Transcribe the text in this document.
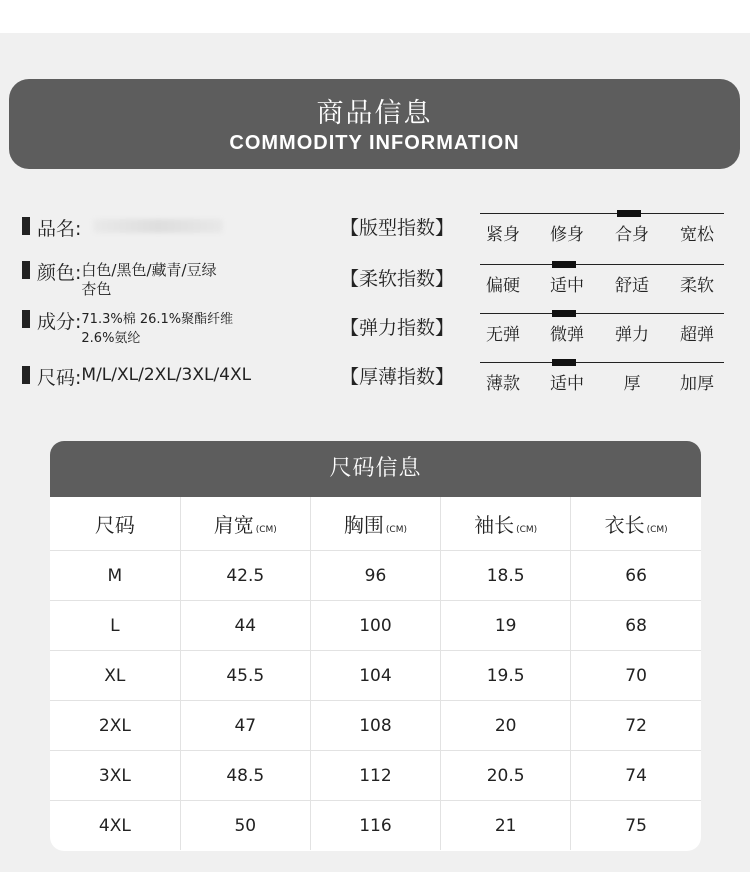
商品信息
COMMODITY INFORMATION
品名:
颜色: 白色/黑色/藏青/豆绿
杏色
成分: 71.3%棉 26.1%聚酯纤维
2.6%氨纶
尺码: M/L/XL/2XL/3XL/4XL
【版型指数】	紧身	修身	合身	宽松
【柔软指数】	偏硬	适中	舒适	柔软
【弹力指数】	无弹	微弹	弹力	超弹
【厚薄指数】	薄款	适中	厚	加厚
尺码信息
尺码	肩宽 (CM)	胸围 (CM)	袖长 (CM)	衣长 (CM)
M	42.5	96	18.5	66
L	44	100	19	68
XL	45.5	104	19.5	70
2XL	47	108	20	72
3XL	48.5	112	20.5	74
4XL	50	116	21	75
